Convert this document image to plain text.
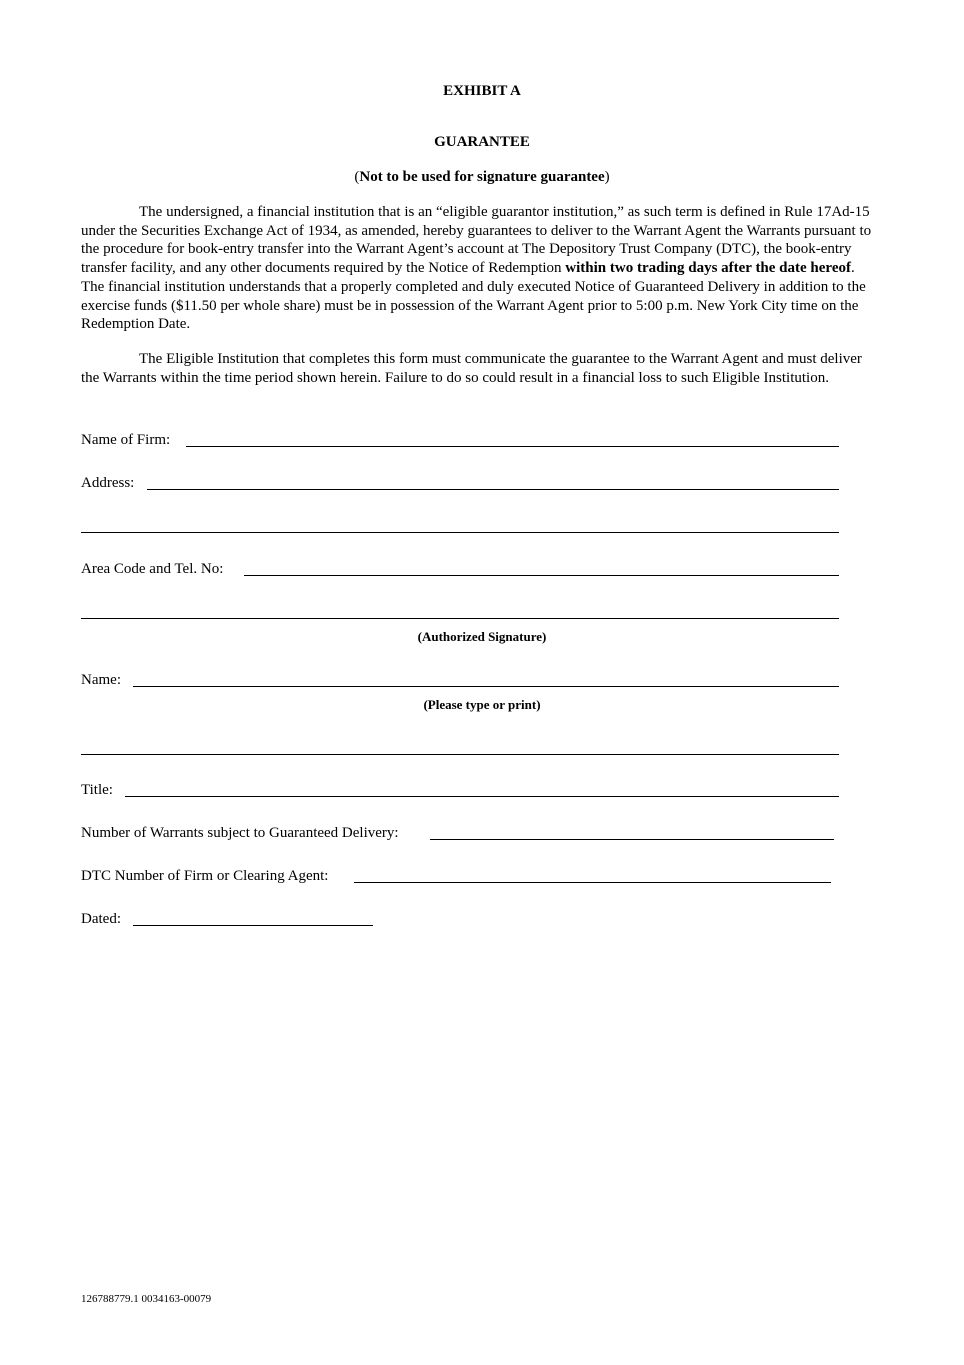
EXHIBIT A
GUARANTEE
(Not to be used for signature guarantee)
The undersigned, a financial institution that is an “eligible guarantor institution,” as such term is defined in Rule 17Ad-15 under the Securities Exchange Act of 1934, as amended, hereby guarantees to deliver to the Warrant Agent the Warrants pursuant to the procedure for book-entry transfer into the Warrant Agent’s account at The Depository Trust Company (DTC), the book-entry transfer facility, and any other documents required by the Notice of Redemption within two trading days after the date hereof. The financial institution understands that a properly completed and duly executed Notice of Guaranteed Delivery in addition to the exercise funds ($11.50 per whole share) must be in possession of the Warrant Agent prior to 5:00 p.m. New York City time on the Redemption Date.
The Eligible Institution that completes this form must communicate the guarantee to the Warrant Agent and must deliver the Warrants within the time period shown herein. Failure to do so could result in a financial loss to such Eligible Institution.
Name of Firm:
Address:
Area Code and Tel. No:
(Authorized Signature)
Name:
(Please type or print)
Title:
Number of Warrants subject to Guaranteed Delivery:
DTC Number of Firm or Clearing Agent:
Dated:
126788779.1 0034163-00079
